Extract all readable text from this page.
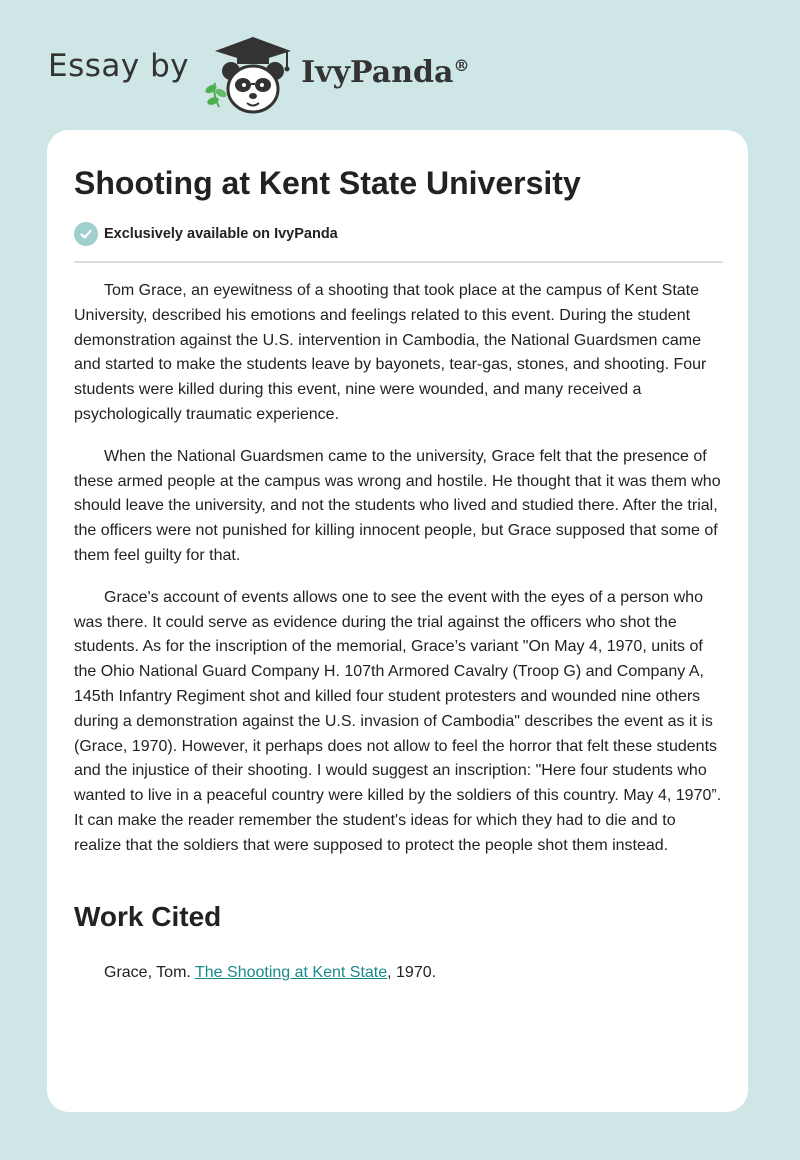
Essay by	IvyPanda®
Shooting at Kent State University
Exclusively available on IvyPanda

Tom Grace, an eyewitness of a shooting that took place at the campus of Kent State University, described his emotions and feelings related to this event. During the student demonstration against the U.S. intervention in Cambodia, the National Guardsmen came and started to make the students leave by bayonets, tear-gas, stones, and shooting. Four students were killed during this event, nine were wounded, and many received a psychologically traumatic experience.

When the National Guardsmen came to the university, Grace felt that the presence of these armed people at the campus was wrong and hostile. He thought that it was them who should leave the university, and not the students who lived and studied there. After the trial, the officers were not punished for killing innocent people, but Grace supposed that some of them feel guilty for that.

Grace's account of events allows one to see the event with the eyes of a person who was there. It could serve as evidence during the trial against the officers who shot the students. As for the inscription of the memorial, Grace’s variant "On May 4, 1970, units of the Ohio National Guard Company H. 107th Armored Cavalry (Troop G) and Company A, 145th Infantry Regiment shot and killed four student protesters and wounded nine others during a demonstration against the U.S. invasion of Cambodia" describes the event as it is (Grace, 1970). However, it perhaps does not allow to feel the horror that felt these students and the injustice of their shooting. I would suggest an inscription: "Here four students who wanted to live in a peaceful country were killed by the soldiers of this country. May 4, 1970”. It can make the reader remember the student's ideas for which they had to die and to realize that the soldiers that were supposed to protect the people shot them instead.

Work Cited
Grace, Tom. The Shooting at Kent State, 1970.
